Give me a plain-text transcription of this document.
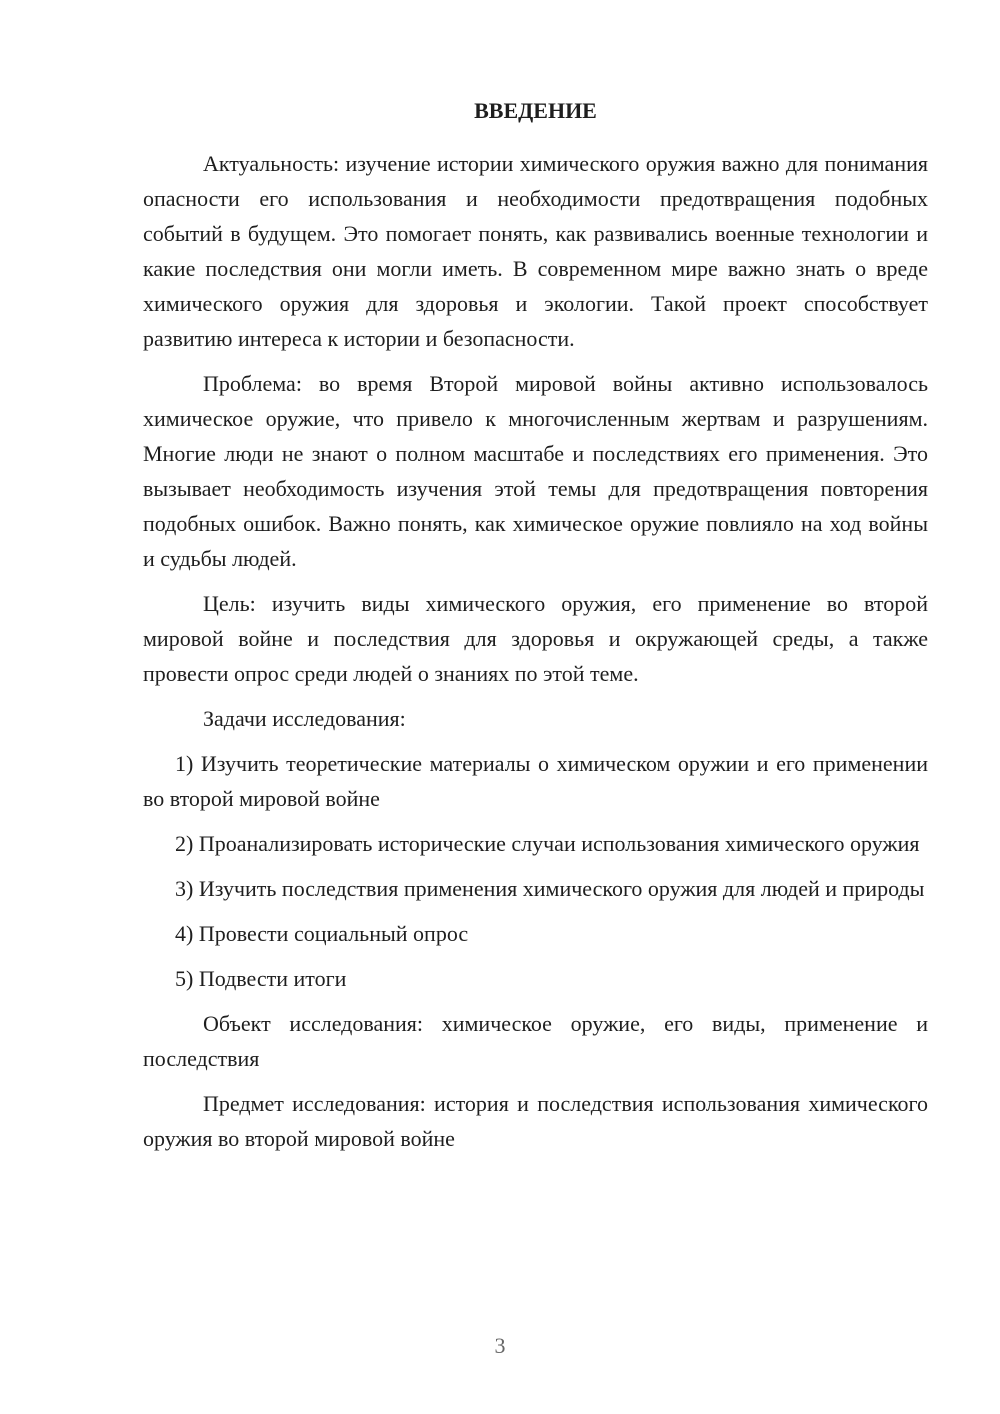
ВВЕДЕНИЕ

Актуальность: изучение истории химического оружия важно для понимания опасности его использования и необходимости предотвращения подобных событий в будущем. Это помогает понять, как развивались военные технологии и какие последствия они могли иметь. В современном мире важно знать о вреде химического оружия для здоровья и экологии. Такой проект способствует развитию интереса к истории и безопасности.

Проблема: во время Второй мировой войны активно использовалось химическое оружие, что привело к многочисленным жертвам и разрушениям. Многие люди не знают о полном масштабе и последствиях его применения. Это вызывает необходимость изучения этой темы для предотвращения повторения подобных ошибок. Важно понять, как химическое оружие повлияло на ход войны и судьбы людей.

Цель: изучить виды химического оружия, его применение во второй мировой войне и последствия для здоровья и окружающей среды, а также провести опрос среди людей о знаниях по этой теме.

Задачи исследования:

1) Изучить теоретические материалы о химическом оружии и его применении во второй мировой войне

2) Проанализировать исторические случаи использования химического оружия

3) Изучить последствия применения химического оружия для людей и природы

4) Провести социальный опрос

5) Подвести итоги

Объект исследования: химическое оружие, его виды, применение и последствия

Предмет исследования: история и последствия использования химического оружия во второй мировой войне

3
